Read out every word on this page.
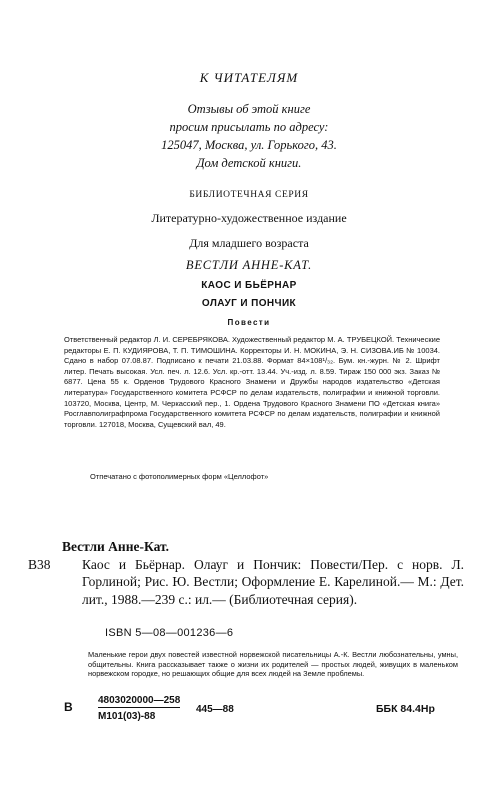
К ЧИТАТЕЛЯМ
Отзывы об этой книге
просим присылать по адресу:
125047, Москва, ул. Горького, 43.
Дом детской книги.
БИБЛИОТЕЧНАЯ СЕРИЯ
Литературно-художественное издание
Для младшего возраста
ВЕСТЛИ АННЕ-КАТ.
КАОС И БЬЁРНАР
ОЛАУГ И ПОНЧИК
Повести

Ответственный редактор Л. И. СЕРЕБРЯКОВА. Художественный редактор М. А. ТРУБЕЦКОЙ. Технические редакторы Е. П. КУДИЯРОВА, Т. П. ТИМОШИНА. Корректоры И. Н. МОКИНА, Э. Н. СИЗОВА.ИБ № 10034. Сдано в набор 07.08.87. Подписано к печати 21.03.88. Формат 84×108¹/₃₂. Бум. кн.-журн. № 2. Шрифт литер. Печать высокая. Усл. печ. л. 12.6. Усл. кр.-отт. 13.44. Уч.-изд. л. 8.59. Тираж 150 000 экз. Заказ № 6877. Цена 55 к. Орденов Трудового Красного Знамени и Дружбы народов издательство «Детская литература» Государственного комитета РСФСР по делам издательств, полиграфии и книжной торговли. 103720, Москва, Центр, М. Черкасский пер., 1. Ордена Трудового Красного Знамени ПО «Детская книга» Росглавполиграфпрома Государственного комитета РСФСР по делам издательств, полиграфии и книжной торговли. 127018, Москва, Сущевский вал, 49.

Отпечатано с фотополимерных форм «Целлофот»
В38
Вестли Анне-Кат.
Каос и Бьёрнар. Олауг и Пончик: Повести/Пер. с норв. Л. Горлиной; Рис. Ю. Вестли; Оформление Е. Карелиной.— М.: Дет. лит., 1988.—239 с.: ил.— (Библиотечная серия).
ISBN 5—08—001236—6
Маленькие герои двух повестей известной норвежской писательницы А.-К. Вестли любознательны, умны, общительны. Книга рассказывает также о жизни их родителей — простых людей, живущих в маленьком норвежском городке, но решающих общие для всех людей на Земле проблемы.
В	4803020000—258
М101(03)-88
445—88	ББК 84.4Нр
